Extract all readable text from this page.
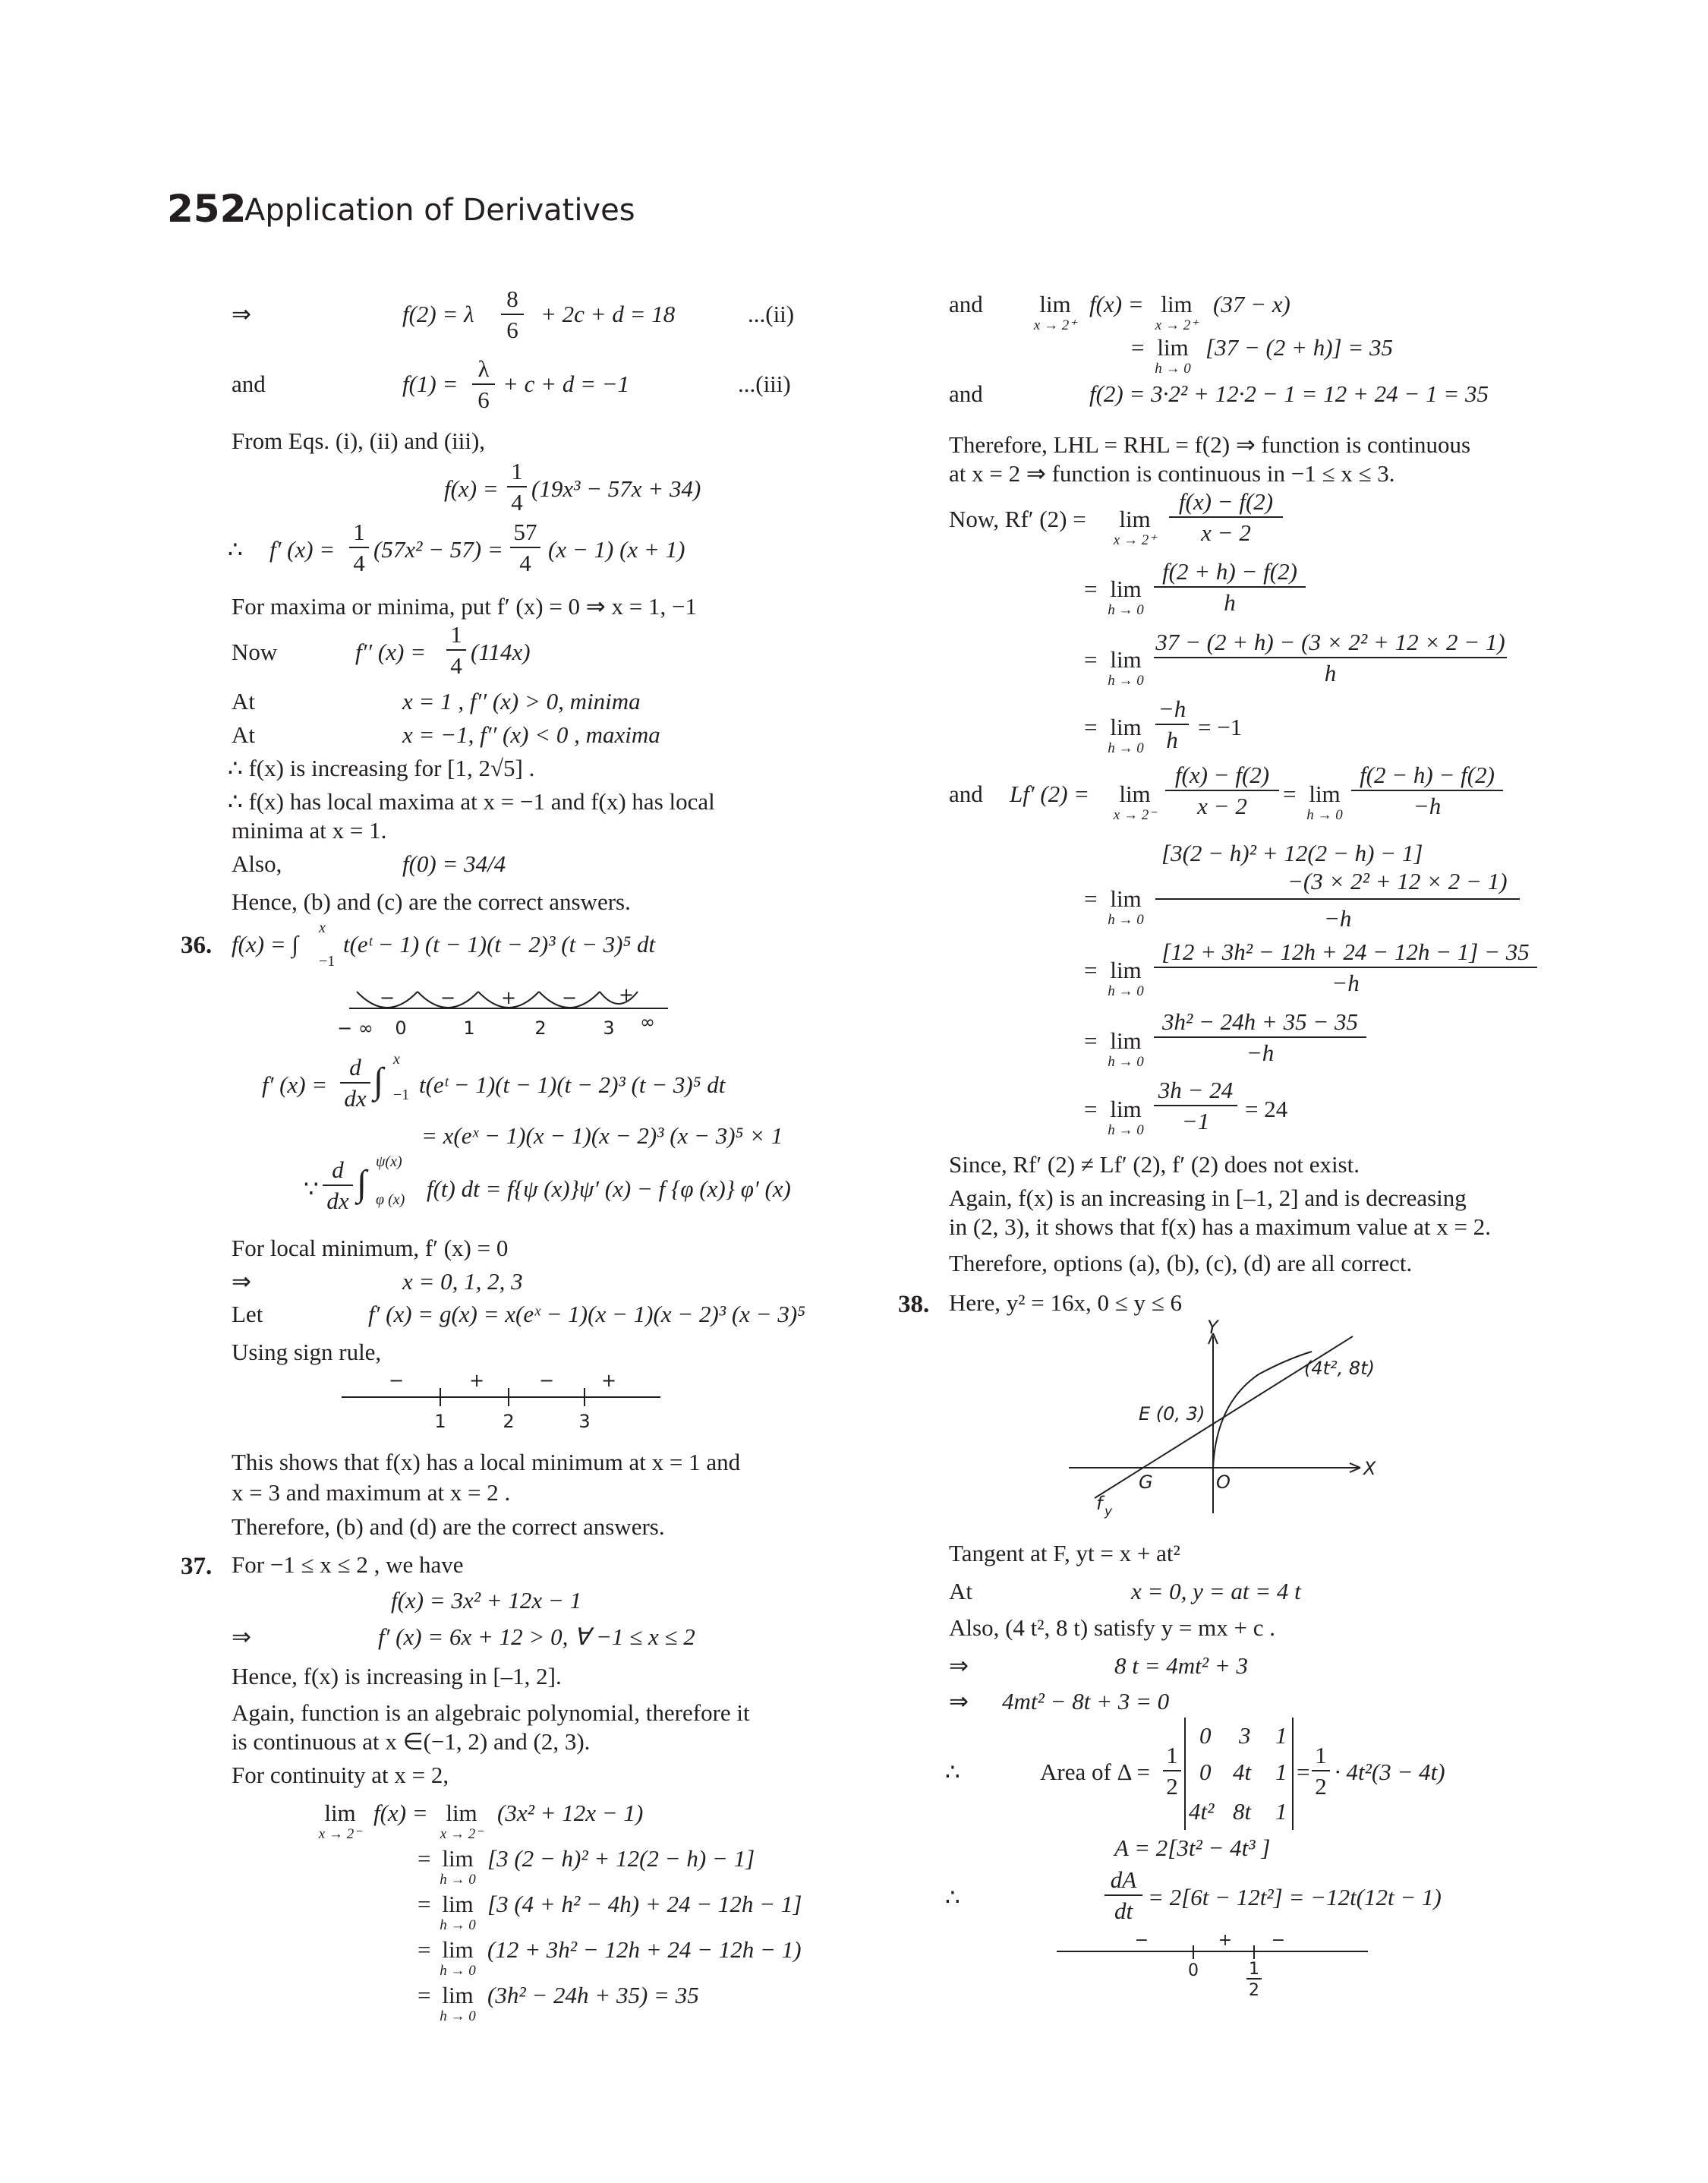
252
Application of Derivatives
⇒	f(2) = λ
8
6
+ 2c + d = 18	...(ii)
and	f(1) =
λ
6
+ c + d = −1	...(iii)
From Eqs. (i), (ii) and (iii),
f(x) =
1
4
(19x³ − 57x + 34)
∴ f′ (x) =
1
4
(57x² − 57) =
57
4
(x − 1) (x + 1)
For maxima or minima, put f′ (x) = 0 ⇒ x = 1, −1
Now	f′′ (x) =
1
4
(114x)
At	x = 1 , f′′ (x) > 0, minima
At	x = −1, f′′ (x) < 0 , maxima
∴ f(x) is increasing for [1, 2√5] .
∴ f(x) has local maxima at x = −1 and f(x) has local
minima at x = 1.
Also,	f(0) = 34/4
Hence, (b) and (c) are the correct answers.
36. f(x) = ∫
x
−1
t(eᵗ − 1) (t − 1)(t − 2)³ (t − 3)⁵ dt
− − + − +
− ∞ 0	1	2	3 ∞
f′ (x) =
d
dx ∫
x
−1 t(eᵗ − 1)(t − 1)(t − 2)³ (t − 3)⁵ dt
= x(eˣ − 1)(x − 1)(x − 2)³ (x − 3)⁵ × 1
∵
d
dx ∫
ψ(x)
φ (x) f(t) dt = f{ψ (x)}ψ′ (x) − f {φ (x)} φ′ (x)
For local minimum, f′ (x) = 0
⇒	x = 0, 1, 2, 3
Let	f′ (x) = g(x) = x(eˣ − 1)(x − 1)(x − 2)³ (x − 3)⁵
Using sign rule,
−	+	−	+
1	2	3
This shows that f(x) has a local minimum at x = 1 and
x = 3 and maximum at x = 2 .
Therefore, (b) and (d) are the correct answers.
37. For −1 ≤ x ≤ 2 , we have
f(x) = 3x² + 12x − 1
⇒	f′ (x) = 6x + 12 > 0, ∀ −1 ≤ x ≤ 2
Hence, f(x) is increasing in [–1, 2].
Again, function is an algebraic polynomial, therefore it
is continuous at x ∈(−1, 2) and (2, 3).
For continuity at x = 2,
lim
x → 2⁻
f(x) = lim
x → 2⁻
(3x² + 12x − 1)
= lim
h → 0
[3 (2 − h)² + 12(2 − h) − 1]
= lim
h → 0
[3 (4 + h² − 4h) + 24 − 12h − 1]
= lim
h → 0
(12 + 3h² − 12h + 24 − 12h − 1)
= lim
h → 0
(3h² − 24h + 35) = 35
and	lim
x → 2⁺
f(x) = lim
x → 2⁺
(37 − x)
= lim
h → 0
[37 − (2 + h)] = 35
and	f(2) = 3·2² + 12·2 − 1 = 12 + 24 − 1 = 35
Therefore, LHL = RHL = f(2) ⇒ function is continuous
at x = 2 ⇒ function is continuous in −1 ≤ x ≤ 3.
Now, Rf′ (2) =	lim
x → 2⁺
f(x) − f(2)
x − 2
= lim
h → 0
f(2 + h) − f(2)
h
= lim
h → 0
37 − (2 + h) − (3 × 2² + 12 × 2 − 1)
h
= lim
h → 0
−h
h = −1
and Lf′ (2) =	lim
x → 2⁻
f(x) − f(2)
x − 2	= lim
h → 0
f(2 − h) − f(2)
−h
= lim
h → 0
[3(2 − h)² + 12(2 − h) − 1]
−(3 × 2² + 12 × 2 − 1)
−h
= lim
h → 0
[12 + 3h² − 12h + 24 − 12h − 1] − 35
−h
= lim
h → 0
3h² − 24h + 35 − 35
−h
= lim
h → 0
3h − 24
−1	= 24
Since, Rf′ (2) ≠ Lf′ (2), f′ (2) does not exist.
Again, f(x) is an increasing in [–1, 2] and is decreasing
in (2, 3), it shows that f(x) has a maximum value at x = 2.
Therefore, options (a), (b), (c), (d) are all correct.
38. Here, y² = 16x, 0 ≤ y ≤ 6
Y
X
(4t², 8t)
E (0, 3)
G	O
f y
Tangent at F, yt = x + at²
At	x = 0, y = at = 4 t
Also, (4 t², 8 t) satisfy y = mx + c .
⇒	8 t = 4mt² + 3
⇒ 4mt² − 8t + 3 = 0
∴	Area of Δ =
1
2
0 3 1
0 4t 1
4t² 8t 1
=
1
2
· 4t²(3 − 4t)
A = 2[3t² − 4t³ ]
∴
dA
dt
= 2[6t − 12t²] = −12t(12t − 1)
−	+ −
0	1
2
